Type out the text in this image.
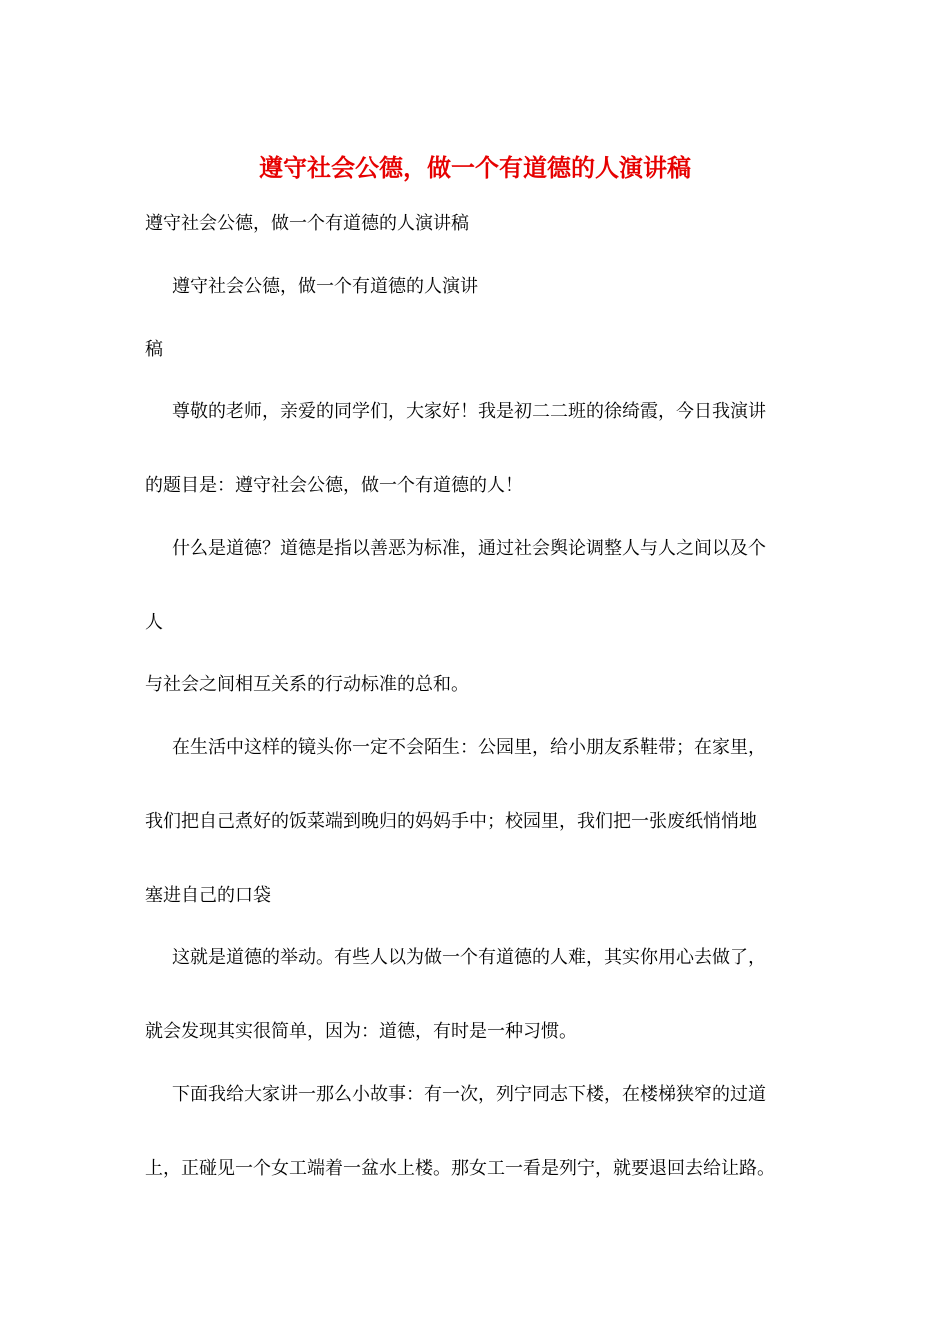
遵守社会公德，做一个有道德的人演讲稿
遵守社会公德，做一个有道德的人演讲稿
遵守社会公德，做一个有道德的人演讲
稿
尊敬的老师，亲爱的同学们，大家好！我是初二二班的徐绮霞，今日我演讲
的题目是：遵守社会公德，做一个有道德的人！
什么是道德？道德是指以善恶为标准，通过社会舆论调整人与人之间以及个
人
与社会之间相互关系的行动标准的总和。
在生活中这样的镜头你一定不会陌生：公园里，给小朋友系鞋带；在家里，
我们把自己煮好的饭菜端到晚归的妈妈手中；校园里，我们把一张废纸悄悄地
塞进自己的口袋
这就是道德的举动。有些人以为做一个有道德的人难，其实你用心去做了，
就会发现其实很简单，因为：道德，有时是一种习惯。
下面我给大家讲一那么小故事：有一次，列宁同志下楼，在楼梯狭窄的过道
上，正碰见一个女工端着一盆水上楼。那女工一看是列宁，就要退回去给让路。
